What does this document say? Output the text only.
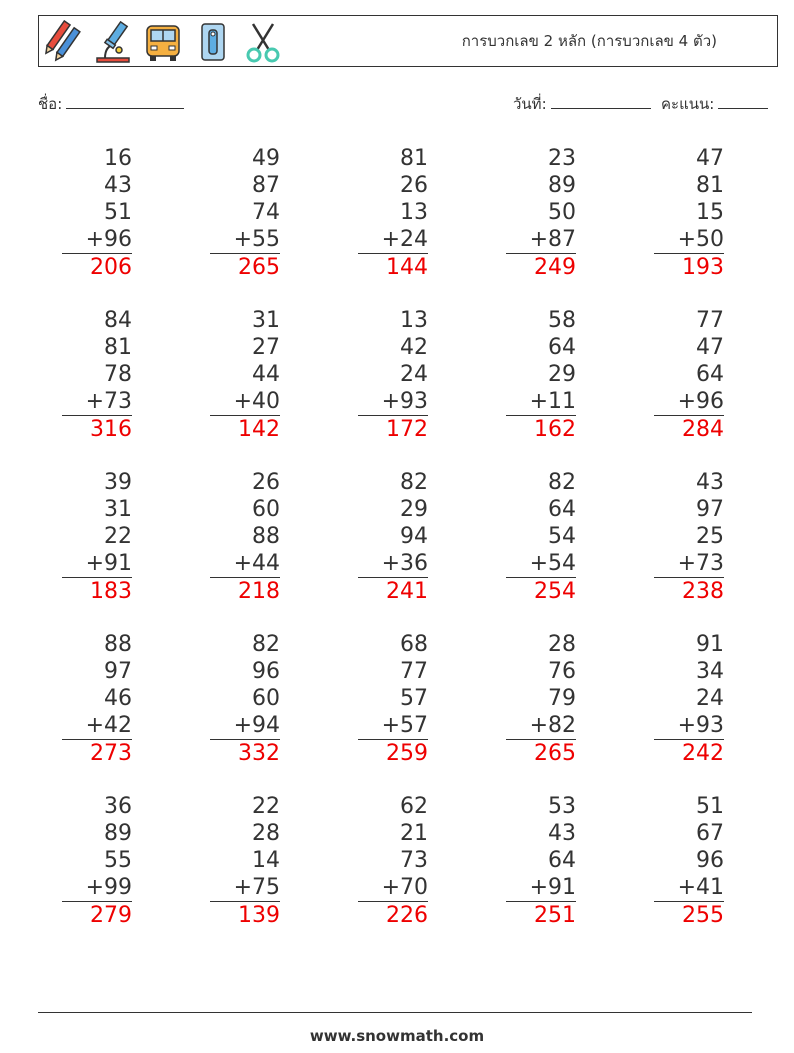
การบวกเลข 2 หลัก (การบวกเลข 4 ตัว)
ชื่อ:	วันที่:	คะแนน:
16
43
51
+96
206
49
87
74
+55
265
81
26
13
+24
144
23
89
50
+87
249
47
81
15
+50
193
84
81
78
+73
316
31
27
44
+40
142
13
42
24
+93
172
58
64
29
+11
162
77
47
64
+96
284
39
31
22
+91
183
26
60
88
+44
218
82
29
94
+36
241
82
64
54
+54
254
43
97
25
+73
238
88
97
46
+42
273
82
96
60
+94
332
68
77
57
+57
259
28
76
79
+82
265
91
34
24
+93
242
36
89
55
+99
279
22
28
14
+75
139
62
21
73
+70
226
53
43
64
+91
251
51
67
96
+41
255
www.snowmath.com
